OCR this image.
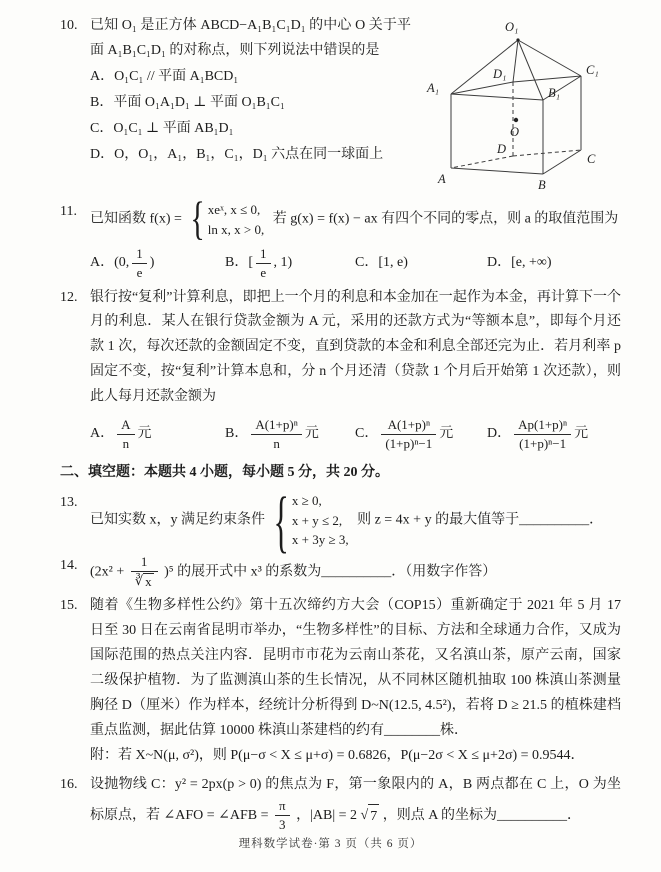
10.	O₁
A₁	B₁
C₁
D₁
O
A	B
C
D
已知 O₁ 是正方体 ABCD−A₁B₁C₁D₁ 的中心 O 关于平面 A₁B₁C₁D₁ 的对称点，则下列说法中错误的是
A．O₁C₁ // 平面 A₁BCD₁
B．平面 O₁A₁D₁ ⊥ 平面 O₁B₁C₁
C．O₁C₁ ⊥ 平面 AB₁D₁
D．O，O₁，A₁，B₁，C₁，D₁ 六点在同一球面上
11.
已知函数 f(x) = { xeˣ, x ≤ 0,
ln x, x > 0,
若 g(x) = f(x) − ax 有四个不同的零点，则 a 的取值范围为
A．(0, $\frac{1}{e}$ )	B．[ $\frac{1}{e}$ , 1)	C．[1, e)	D．[e, +∞)
12. 银行按“复利”计算利息，即把上一个月的利息和本金加在一起作为本金，再计算下一个月的利息．某人在银行贷款金额为 A 元，采用的还款方式为“等额本息”，即每个月还款 1 次，每次还款的金额固定不变，直到贷款的本金和利息全部还完为止．若月利率 p 固定不变，按“复利”计算本息和，分 n 个月还清（贷款 1 个月后开始第 1 次还款），则此人每月还款金额为
A． $\frac{A}{n}$ 元	B． $\frac{\text{A(1+p)ⁿ}}{n}$ 元	C． $\frac{\text{A(1+p)ⁿ}}{\text{(1+p)ⁿ−1}}$ 元 D． $\frac{\text{Ap(1+p)ⁿ}}{\text{(1+p)ⁿ−1}}$ 元
二、填空题：本题共 4 小题，每小题 5 分，共 20 分。
13.
已知实数 x，y 满足约束条件 { x ≥ 0,
x + y ≤ 2,
x + 3y ≥ 3,
则 z = 4x + y 的最大值等于__________．
14. $(2x^2 + \frac{1}{∛ x} )^5$ 的展开式中 x³ 的系数为__________．（用数字作答）
15. 随着《生物多样性公约》第十五次缔约方大会（COP15）重新确定于 2021 年 5 月 17 日至 30 日在云南省昆明市举办，“生物多样性”的目标、方法和全球通力合作，又成为国际范围的热点关注内容．昆明市市花为云南山茶花，又名滇山茶，原产云南，国家二级保护植物．为了监测滇山茶的生长情况，从不同林区随机抽取 100 株滇山茶测量胸径 D（厘米）作为样本，经统计分析得到 D~N(12.5, 4.5²)，若将 D ≥ 21.5 的植株建档重点监测，据此估算 10000 株滇山茶建档的约有________株．
附：若 X~N(μ, σ²)，则 P(μ−σ < X ≤ μ+σ) = 0.6826，P(μ−2σ < X ≤ μ+2σ) = 0.9544．
16. 设抛物线 C：y² = 2px(p > 0) 的焦点为 F，第一象限内的 A，B 两点都在 C 上，O 为坐标原点，若 ∠AFO = ∠AFB = $\frac{\pi}{3}$ ，|AB| = 2 √ 7 ，则点 A 的坐标为__________．
理科数学试卷·第 3 页（共 6 页）
